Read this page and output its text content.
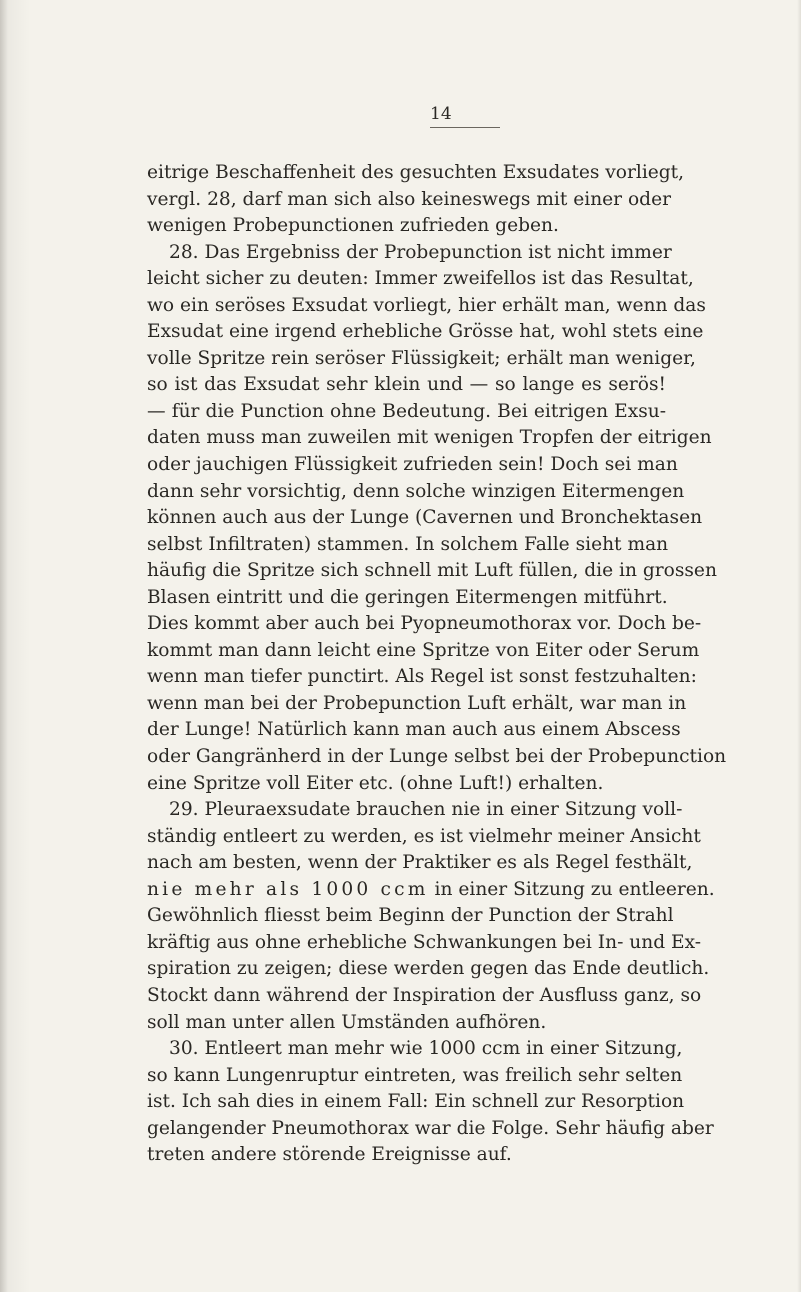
14
eitrige Beschaffenheit des gesuchten Exsudates vorliegt,
vergl. 28, darf man sich also keineswegs mit einer oder
wenigen Probepunctionen zufrieden geben.
28. Das Ergebniss der Probepunction ist nicht immer
leicht sicher zu deuten: Immer zweifellos ist das Resultat,
wo ein seröses Exsudat vorliegt, hier erhält man, wenn das
Exsudat eine irgend erhebliche Grösse hat, wohl stets eine
volle Spritze rein seröser Flüssigkeit; erhält man weniger,
so ist das Exsudat sehr klein und — so lange es serös!
— für die Punction ohne Bedeutung. Bei eitrigen Exsu-
daten muss man zuweilen mit wenigen Tropfen der eitrigen
oder jauchigen Flüssigkeit zufrieden sein! Doch sei man
dann sehr vorsichtig, denn solche winzigen Eitermengen
können auch aus der Lunge (Cavernen und Bronchektasen
selbst Infiltraten) stammen. In solchem Falle sieht man
häufig die Spritze sich schnell mit Luft füllen, die in grossen
Blasen eintritt und die geringen Eitermengen mitführt.
Dies kommt aber auch bei Pyopneumothorax vor. Doch be-
kommt man dann leicht eine Spritze von Eiter oder Serum
wenn man tiefer punctirt. Als Regel ist sonst festzuhalten:
wenn man bei der Probepunction Luft erhält, war man in
der Lunge! Natürlich kann man auch aus einem Abscess
oder Gangränherd in der Lunge selbst bei der Probepunction
eine Spritze voll Eiter etc. (ohne Luft!) erhalten.
29. Pleuraexsudate brauchen nie in einer Sitzung voll-
ständig entleert zu werden, es ist vielmehr meiner Ansicht
nach am besten, wenn der Praktiker es als Regel festhält,
nie mehr als 1000 ccm in einer Sitzung zu entleeren.
Gewöhnlich fliesst beim Beginn der Punction der Strahl
kräftig aus ohne erhebliche Schwankungen bei In- und Ex-
spiration zu zeigen; diese werden gegen das Ende deutlich.
Stockt dann während der Inspiration der Ausfluss ganz, so
soll man unter allen Umständen aufhören.
30. Entleert man mehr wie 1000 ccm in einer Sitzung,
so kann Lungenruptur eintreten, was freilich sehr selten
ist. Ich sah dies in einem Fall: Ein schnell zur Resorption
gelangender Pneumothorax war die Folge. Sehr häufig aber
treten andere störende Ereignisse auf.
